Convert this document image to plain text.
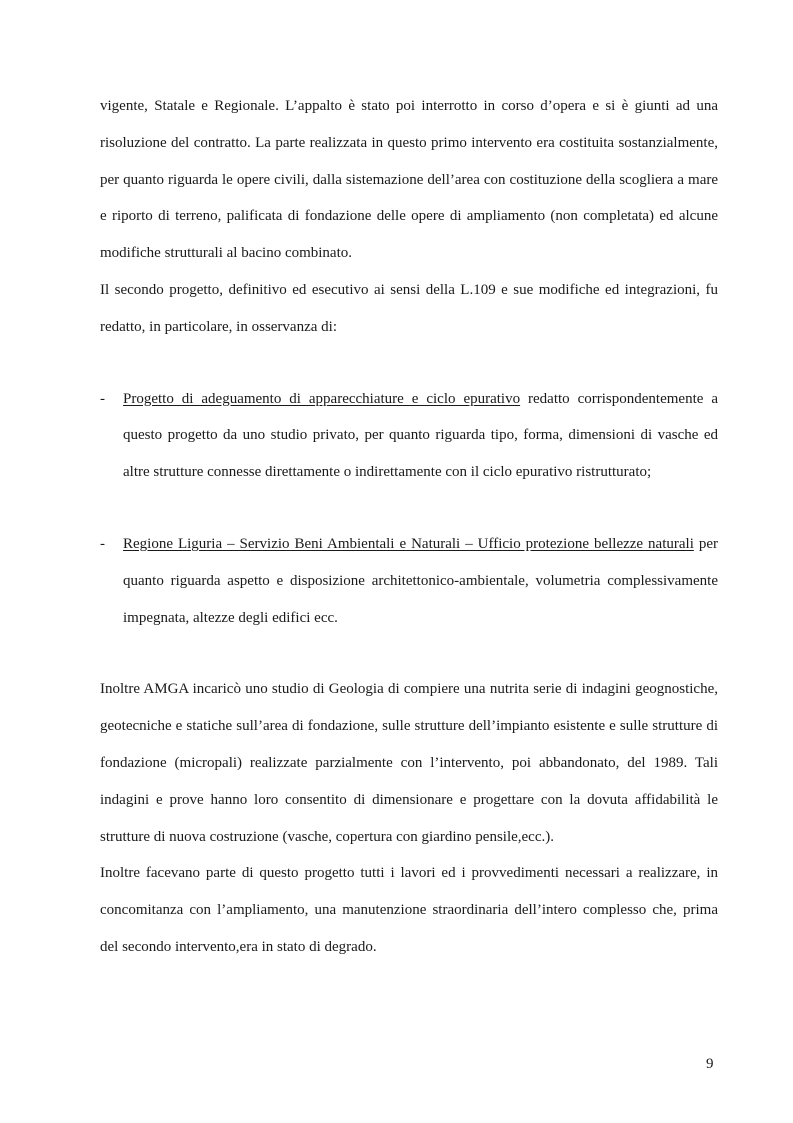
vigente, Statale e Regionale. L’appalto è stato poi interrotto in corso d’opera e si è giunti ad una risoluzione del contratto. La parte realizzata in questo primo intervento era costituita sostanzialmente, per quanto riguarda le opere civili, dalla sistemazione dell’area con costituzione della scogliera a mare e riporto di terreno, palificata di fondazione delle opere di ampliamento (non completata) ed alcune modifiche strutturali al bacino combinato.

Il secondo progetto, definitivo ed esecutivo ai sensi della L.109 e sue modifiche ed integrazioni, fu redatto, in particolare, in osservanza di:

- Progetto di adeguamento di apparecchiature e ciclo epurativo redatto corrispondentemente a questo progetto da uno studio privato, per quanto riguarda tipo, forma, dimensioni di vasche ed altre strutture connesse direttamente o indirettamente con il ciclo epurativo ristrutturato;

- Regione Liguria – Servizio Beni Ambientali e Naturali – Ufficio protezione bellezze naturali per quanto riguarda aspetto e disposizione architettonico-ambientale, volumetria complessivamente impegnata, altezze degli edifici ecc.

Inoltre AMGA incaricò uno studio di Geologia di compiere una nutrita serie di indagini geognostiche, geotecniche e statiche sull’area di fondazione, sulle strutture dell’impianto esistente e sulle strutture di fondazione (micropali) realizzate parzialmente con l’intervento, poi abbandonato, del 1989. Tali indagini e prove hanno loro consentito di dimensionare e progettare con la dovuta affidabilità le strutture di nuova costruzione (vasche, copertura con giardino pensile,ecc.).

Inoltre facevano parte di questo progetto tutti i lavori ed i provvedimenti necessari a realizzare, in concomitanza con l’ampliamento, una manutenzione straordinaria dell’intero complesso che, prima del secondo intervento,era in stato di degrado.

9
